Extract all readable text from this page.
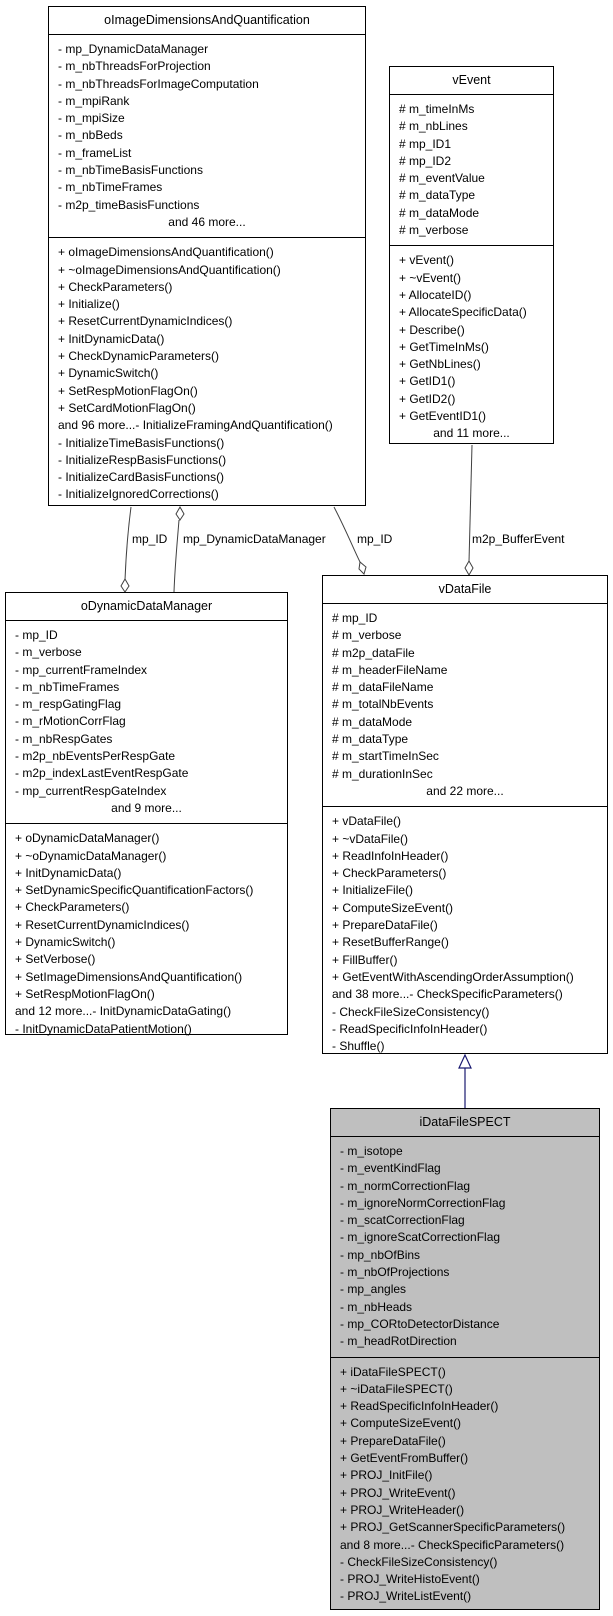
mp_ID mp_DynamicDataManager	mp_ID	m2p_BufferEvent
oImageDimensionsAndQuantification
- mp_DynamicDataManager
- m_nbThreadsForProjection
- m_nbThreadsForImageComputation
- m_mpiRank
- m_mpiSize
- m_nbBeds
- m_frameList
- m_nbTimeBasisFunctions
- m_nbTimeFrames
- m2p_timeBasisFunctions
and 46 more...
+ oImageDimensionsAndQuantification()
+ ~oImageDimensionsAndQuantification()
+ CheckParameters()
+ Initialize()
+ ResetCurrentDynamicIndices()
+ InitDynamicData()
+ CheckDynamicParameters()
+ DynamicSwitch()
+ SetRespMotionFlagOn()
+ SetCardMotionFlagOn()
and 96 more...- InitializeFramingAndQuantification()
- InitializeTimeBasisFunctions()
- InitializeRespBasisFunctions()
- InitializeCardBasisFunctions()
- InitializeIgnoredCorrections()
vEvent
# m_timeInMs
# m_nbLines
# mp_ID1
# mp_ID2
# m_eventValue
# m_dataType
# m_dataMode
# m_verbose
+ vEvent()
+ ~vEvent()
+ AllocateID()
+ AllocateSpecificData()
+ Describe()
+ GetTimeInMs()
+ GetNbLines()
+ GetID1()
+ GetID2()
+ GetEventID1()
and 11 more...
oDynamicDataManager
- mp_ID
- m_verbose
- mp_currentFrameIndex
- m_nbTimeFrames
- m_respGatingFlag
- m_rMotionCorrFlag
- m_nbRespGates
- m2p_nbEventsPerRespGate
- m2p_indexLastEventRespGate
- mp_currentRespGateIndex
and 9 more...
+ oDynamicDataManager()
+ ~oDynamicDataManager()
+ InitDynamicData()
+ SetDynamicSpecificQuantificationFactors()
+ CheckParameters()
+ ResetCurrentDynamicIndices()
+ DynamicSwitch()
+ SetVerbose()
+ SetImageDimensionsAndQuantification()
+ SetRespMotionFlagOn()
and 12 more...- InitDynamicDataGating()
- InitDynamicDataPatientMotion()
vDataFile
# mp_ID
# m_verbose
# m2p_dataFile
# m_headerFileName
# m_dataFileName
# m_totalNbEvents
# m_dataMode
# m_dataType
# m_startTimeInSec
# m_durationInSec
and 22 more...
+ vDataFile()
+ ~vDataFile()
+ ReadInfoInHeader()
+ CheckParameters()
+ InitializeFile()
+ ComputeSizeEvent()
+ PrepareDataFile()
+ ResetBufferRange()
+ FillBuffer()
+ GetEventWithAscendingOrderAssumption()
and 38 more...- CheckSpecificParameters()
- CheckFileSizeConsistency()
- ReadSpecificInfoInHeader()
- Shuffle()
iDataFileSPECT
- m_isotope
- m_eventKindFlag
- m_normCorrectionFlag
- m_ignoreNormCorrectionFlag
- m_scatCorrectionFlag
- m_ignoreScatCorrectionFlag
- mp_nbOfBins
- m_nbOfProjections
- mp_angles
- m_nbHeads
- mp_CORtoDetectorDistance
- m_headRotDirection
+ iDataFileSPECT()
+ ~iDataFileSPECT()
+ ReadSpecificInfoInHeader()
+ ComputeSizeEvent()
+ PrepareDataFile()
+ GetEventFromBuffer()
+ PROJ_InitFile()
+ PROJ_WriteEvent()
+ PROJ_WriteHeader()
+ PROJ_GetScannerSpecificParameters()
and 8 more...- CheckSpecificParameters()
- CheckFileSizeConsistency()
- PROJ_WriteHistoEvent()
- PROJ_WriteListEvent()
